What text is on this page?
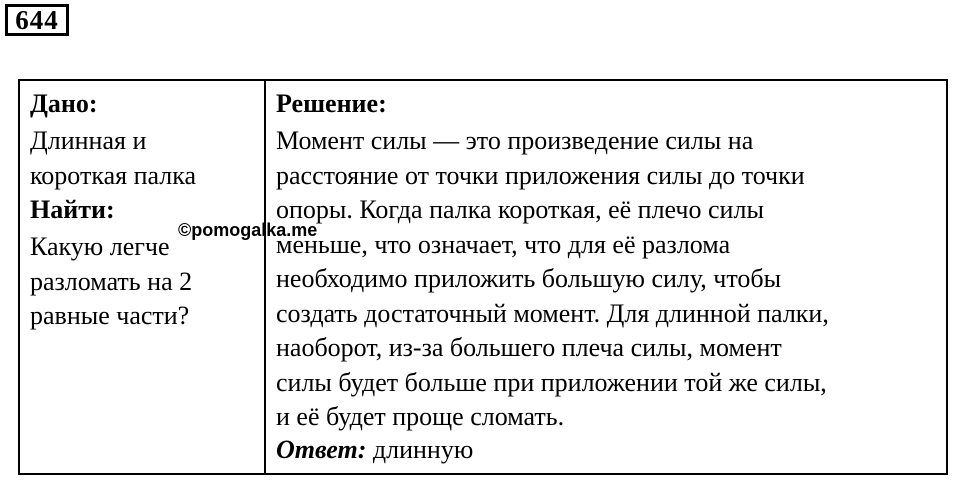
644
Дано:
Длинная и
короткая палка
Найти:
Какую легче
разломать на 2
равные части?
Решение:
Момент силы — это произведение силы на
расстояние от точки приложения силы до точки
опоры. Когда палка короткая, её плечо силы
меньше, что означает, что для её разлома
необходимо приложить большую силу, чтобы
создать достаточный момент. Для длинной палки,
наоборот, из-за большего плеча силы, момент
силы будет больше при приложении той же силы,
и её будет проще сломать.
Ответ: длинную
©pomogalka.me
